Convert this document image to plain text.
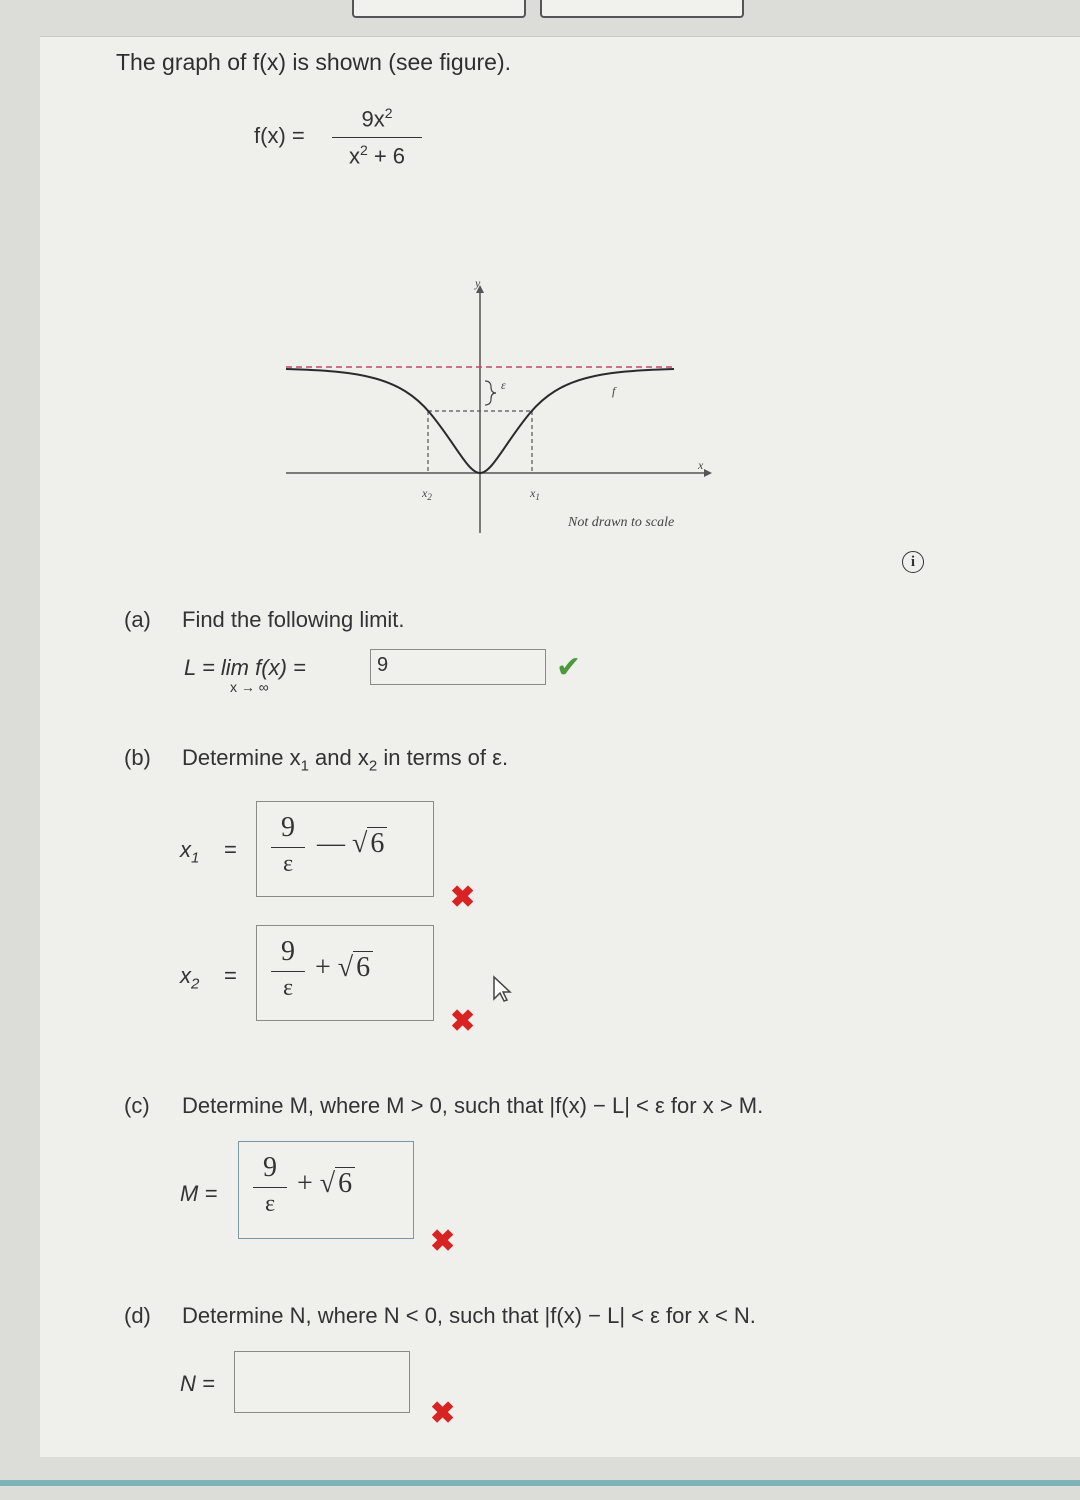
The graph of f(x) is shown (see figure).
f(x) =
$9x^2$
$x^2 + 6$
y
x
ε	f
$x_2$	$x_1$
Not drawn to scale
i
(a) Find the following limit.
L = lim f(x) =
x → ∞
9	✔
(b) Determine $x_1$ and $x_2$ in terms of ε.
$x_1$ =
9
ε
— √ 6
✖
$x_2$ =
9
ε
+ √ 6
✖
(c) Determine M, where M > 0, such that |f(x) − L| < ε for x > M.
M =
9
ε
+ √ 6
✖
(d) Determine N, where N < 0, such that |f(x) − L| < ε for x < N.
N =
✖
